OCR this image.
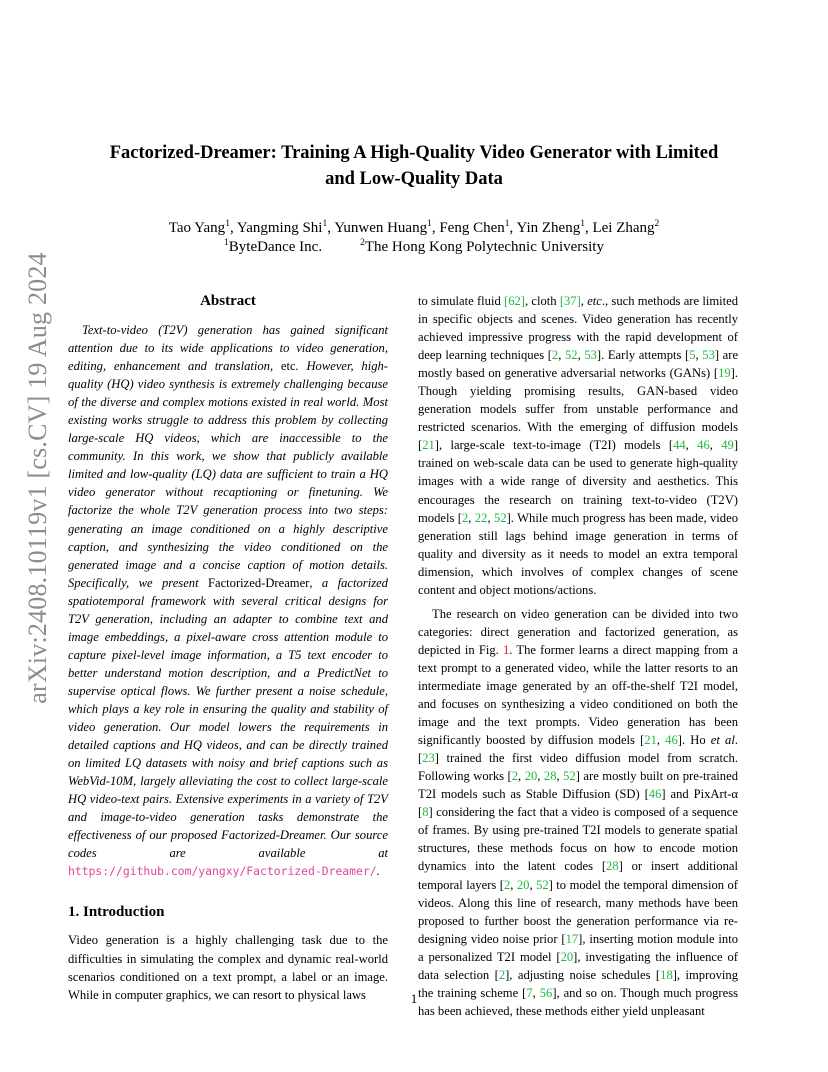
arXiv:2408.10119v1 [cs.CV] 19 Aug 2024
Factorized-Dreamer: Training A High-Quality Video Generator with Limited
and Low-Quality Data
Tao Yang$^1$, Yangming Shi$^1$, Yunwen Huang$^1$, Feng Chen$^1$, Yin Zheng$^1$, Lei Zhang$^2$
$^1$ByteDance Inc.	$^2$The Hong Kong Polytechnic University
Abstract

Text-to-video (T2V) generation has gained significant attention due to its wide applications to video generation, editing, enhancement and translation, etc. However, high-quality (HQ) video synthesis is extremely challenging because of the diverse and complex motions existed in real world. Most existing works struggle to address this problem by collecting large-scale HQ videos, which are inaccessible to the community. In this work, we show that publicly available limited and low-quality (LQ) data are sufficient to train a HQ video generator without recaptioning or finetuning. We factorize the whole T2V generation process into two steps: generating an image conditioned on a highly descriptive caption, and synthesizing the video conditioned on the generated image and a concise caption of motion details. Specifically, we present Factorized-Dreamer, a factorized spatiotemporal framework with several critical designs for T2V generation, including an adapter to combine text and image embeddings, a pixel-aware cross attention module to capture pixel-level image information, a T5 text encoder to better understand motion description, and a PredictNet to supervise optical flows. We further present a noise schedule, which plays a key role in ensuring the quality and stability of video generation. Our model lowers the requirements in detailed captions and HQ videos, and can be directly trained on limited LQ datasets with noisy and brief captions such as WebVid-10M, largely alleviating the cost to collect large-scale HQ video-text pairs. Extensive experiments in a variety of T2V and image-to-video generation tasks demonstrate the effectiveness of our proposed Factorized-Dreamer. Our source codes are available at https://github.com/yangxy/Factorized-Dreamer/.

1. Introduction

Video generation is a highly challenging task due to the difficulties in simulating the complex and dynamic real-world scenarios conditioned on a text prompt, a label or an image. While in computer graphics, we can resort to physical laws

to simulate fluid [62], cloth [37], etc., such methods are limited in specific objects and scenes. Video generation has recently achieved impressive progress with the rapid development of deep learning techniques [2, 52, 53]. Early attempts [5, 53] are mostly based on generative adversarial networks (GANs) [19]. Though yielding promising results, GAN-based video generation models suffer from unstable performance and restricted scenarios. With the emerging of diffusion models [21], large-scale text-to-image (T2I) models [44, 46, 49] trained on web-scale data can be used to generate high-quality images with a wide range of diversity and aesthetics. This encourages the research on training text-to-video (T2V) models [2, 22, 52]. While much progress has been made, video generation still lags behind image generation in terms of quality and diversity as it needs to model an extra temporal dimension, which involves of complex changes of scene content and object motions/actions.

The research on video generation can be divided into two categories: direct generation and factorized generation, as depicted in Fig. 1. The former learns a direct mapping from a text prompt to a generated video, while the latter resorts to an intermediate image generated by an off-the-shelf T2I model, and focuses on synthesizing a video conditioned on both the image and the text prompts. Video generation has been significantly boosted by diffusion models [21, 46]. Ho et al. [23] trained the first video diffusion model from scratch. Following works [2, 20, 28, 52] are mostly built on pre-trained T2I models such as Stable Diffusion (SD) [46] and PixArt-α [8] considering the fact that a video is composed of a sequence of frames. By using pre-trained T2I models to generate spatial structures, these methods focus on how to encode motion dynamics into the latent codes [28] or insert additional temporal layers [2, 20, 52] to model the temporal dimension of videos. Along this line of research, many methods have been proposed to further boost the generation performance via re-designing video noise prior [17], inserting motion module into a personalized T2I model [20], investigating the influence of data selection [2], adjusting noise schedules [18], improving the training scheme [7, 56], and so on. Though much progress has been achieved, these methods either yield unpleasant

1
